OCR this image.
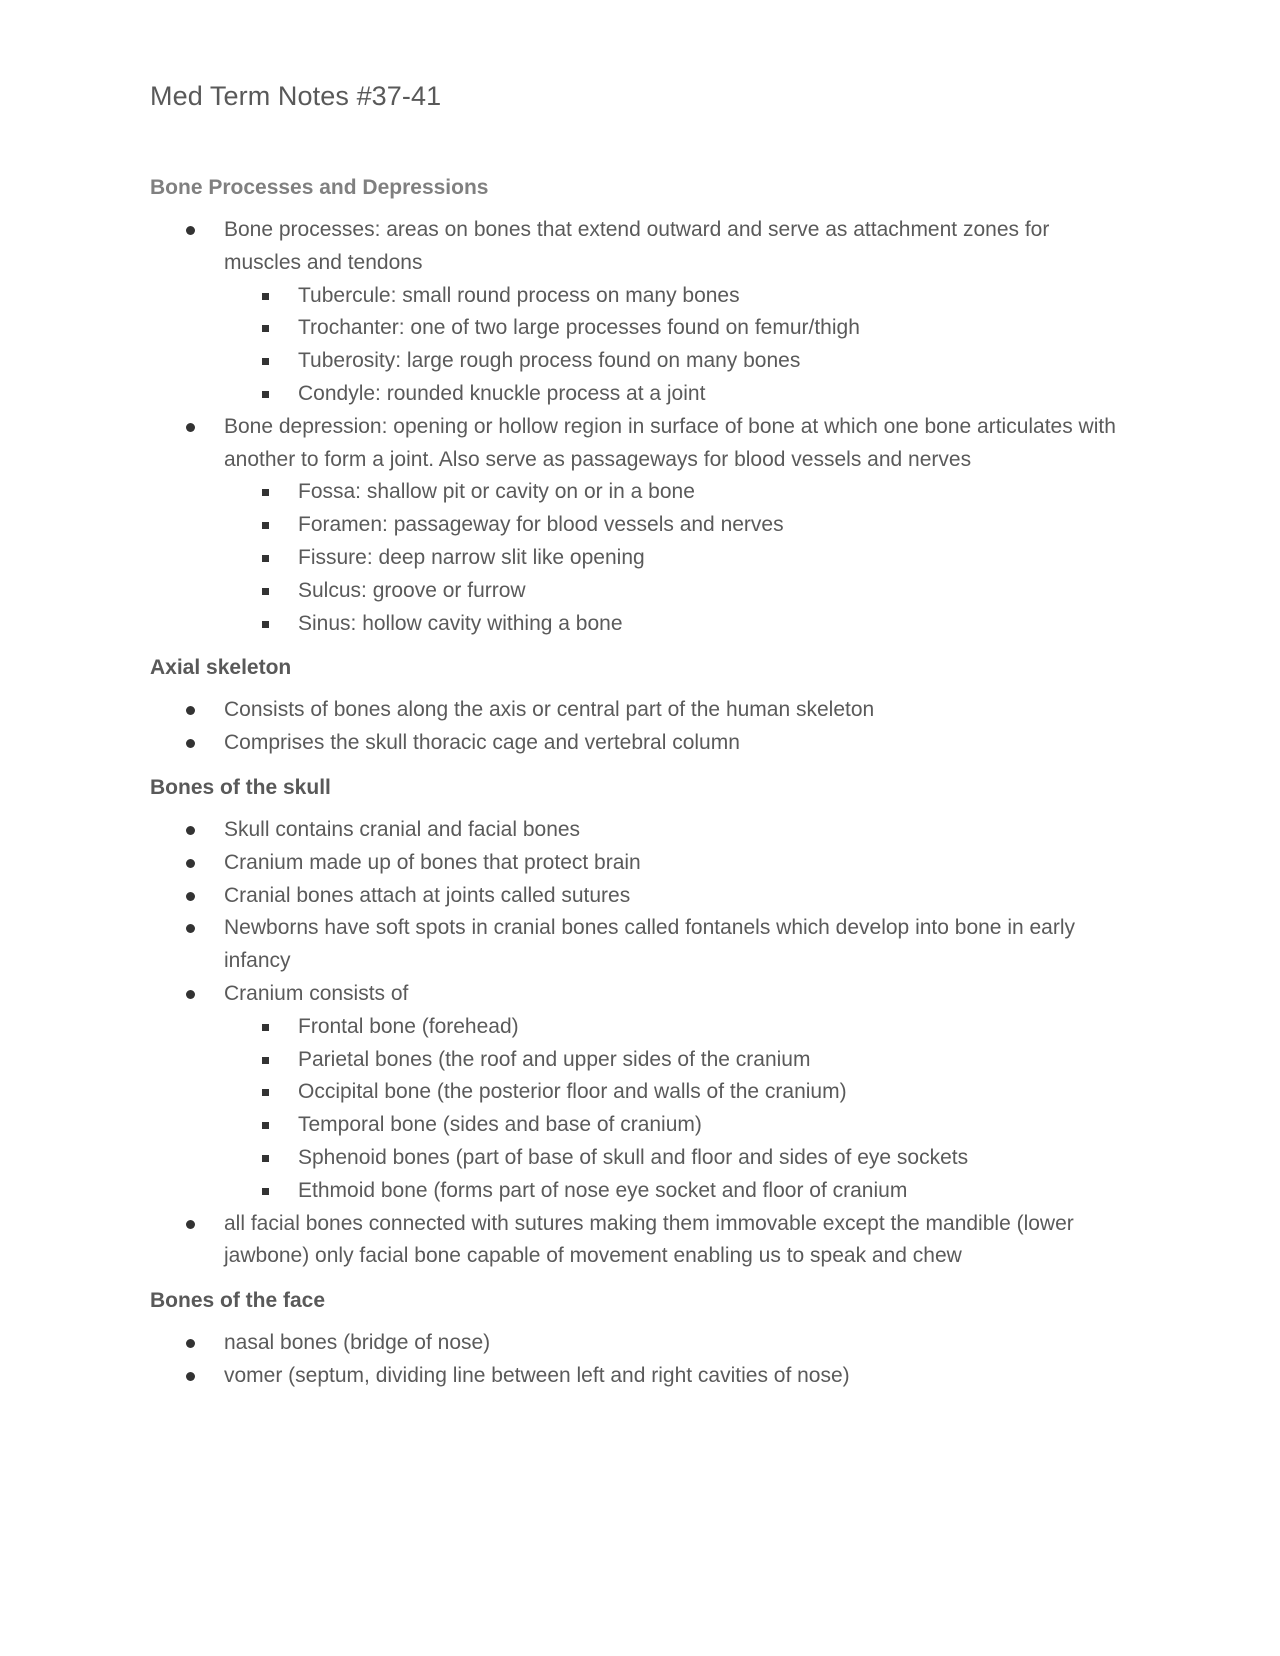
Med Term Notes #37-41
Bone Processes and Depressions
Bone processes: areas on bones that extend outward and serve as attachment zones for muscles and tendons
Tubercule: small round process on many bones
Trochanter: one of two large processes found on femur/thigh
Tuberosity: large rough process found on many bones
Condyle: rounded knuckle process at a joint
Bone depression: opening or hollow region in surface of bone at which one bone articulates with another to form a joint. Also serve as passageways for blood vessels and nerves
Fossa: shallow pit or cavity on or in a bone
Foramen: passageway for blood vessels and nerves
Fissure: deep narrow slit like opening
Sulcus: groove or furrow
Sinus: hollow cavity withing a bone
Axial skeleton
Consists of bones along the axis or central part of the human skeleton
Comprises the skull thoracic cage and vertebral column
Bones of the skull
Skull contains cranial and facial bones
Cranium made up of bones that protect brain
Cranial bones attach at joints called sutures
Newborns have soft spots in cranial bones called fontanels which develop into bone in early infancy
Cranium consists of
Frontal bone (forehead)
Parietal bones (the roof and upper sides of the cranium
Occipital bone (the posterior floor and walls of the cranium)
Temporal bone (sides and base of cranium)
Sphenoid bones (part of base of skull and floor and sides of eye sockets
Ethmoid bone (forms part of nose eye socket and floor of cranium
all facial bones connected with sutures making them immovable except the mandible (lower jawbone) only facial bone capable of movement enabling us to speak and chew
Bones of the face
nasal bones (bridge of nose)
vomer (septum, dividing line between left and right cavities of nose)
